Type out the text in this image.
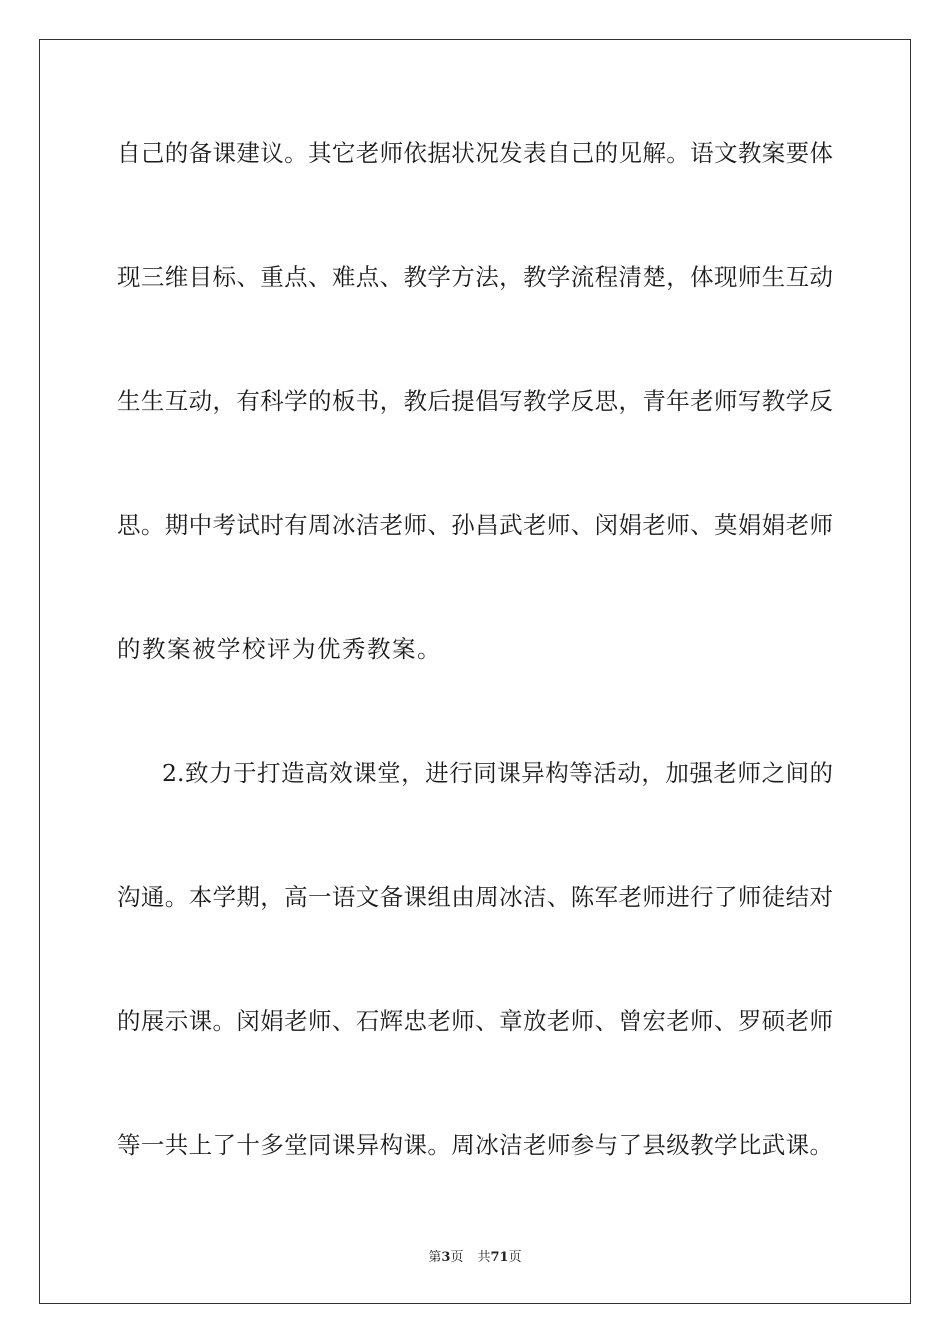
自己的备课建议。其它老师依据状况发表自己的见解。语文教案要体
现三维目标、重点、难点、教学方法，教学流程清楚，体现师生互动
生生互动，有科学的板书，教后提倡写教学反思，青年老师写教学反
思。期中考试时有周冰洁老师、孙昌武老师、闵娟老师、莫娟娟老师
的教案被学校评为优秀教案。
2.致力于打造高效课堂，进行同课异构等活动，加强老师之间的
沟通。本学期，高一语文备课组由周冰洁、陈军老师进行了师徒结对
的展示课。闵娟老师、石辉忠老师、章放老师、曾宏老师、罗硕老师
等一共上了十多堂同课异构课。周冰洁老师参与了县级教学比武课。
第3页 共71页
